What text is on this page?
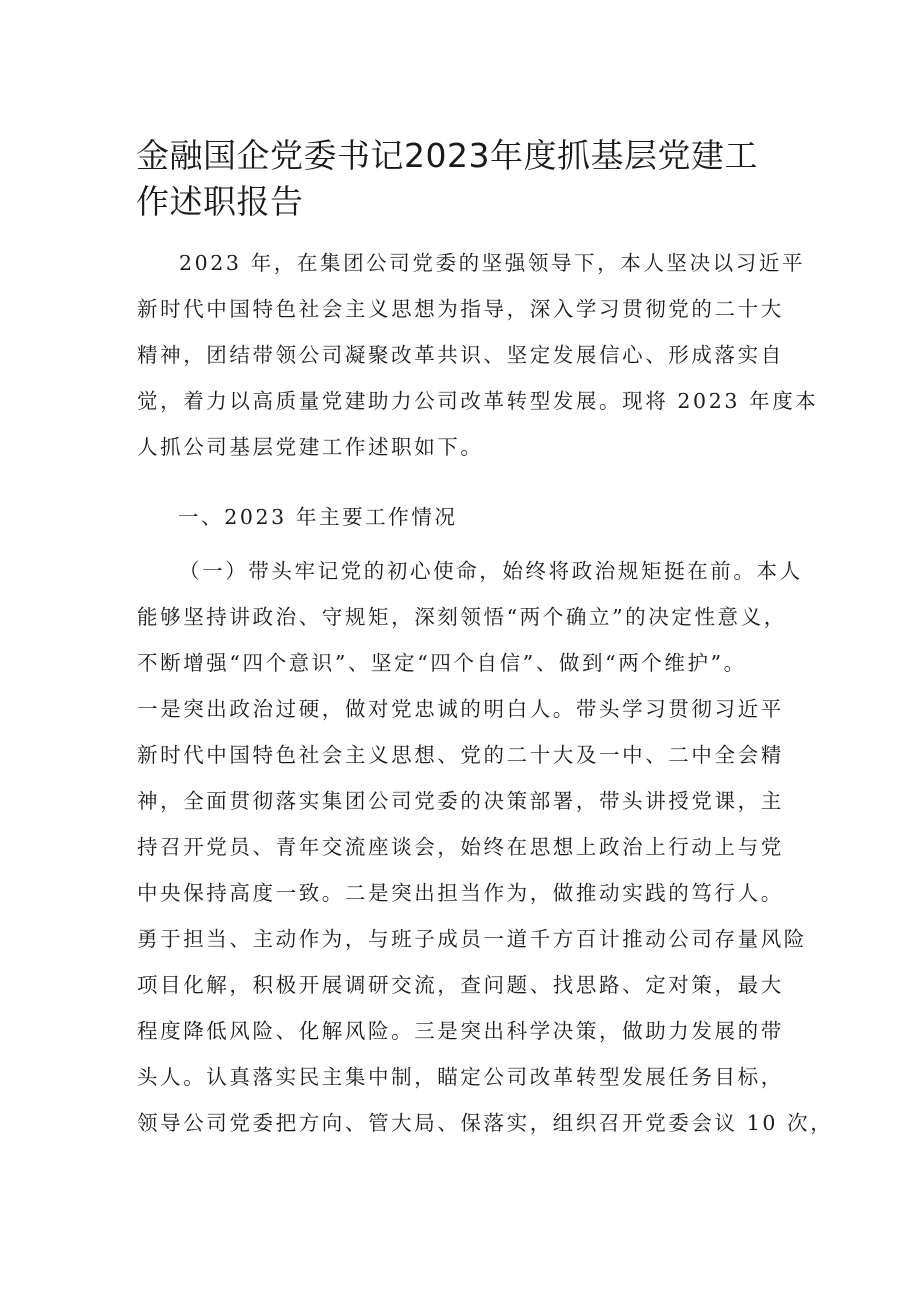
金融国企党委书记2023年度抓基层党建工
作述职报告
2023 年，在集团公司党委的坚强领导下，本人坚决以习近平
新时代中国特色社会主义思想为指导，深入学习贯彻党的二十大
精神，团结带领公司凝聚改革共识、坚定发展信心、形成落实自
觉，着力以高质量党建助力公司改革转型发展。现将 2023 年度本
人抓公司基层党建工作述职如下。
一、2023 年主要工作情况
（一）带头牢记党的初心使命，始终将政治规矩挺在前。本人
能够坚持讲政治、守规矩，深刻领悟“两个确立”的决定性意义，
不断增强“四个意识”、坚定“四个自信”、做到“两个维护”。
一是突出政治过硬，做对党忠诚的明白人。带头学习贯彻习近平
新时代中国特色社会主义思想、党的二十大及一中、二中全会精
神，全面贯彻落实集团公司党委的决策部署，带头讲授党课，主
持召开党员、青年交流座谈会，始终在思想上政治上行动上与党
中央保持高度一致。二是突出担当作为，做推动实践的笃行人。
勇于担当、主动作为，与班子成员一道千方百计推动公司存量风险
项目化解，积极开展调研交流，查问题、找思路、定对策，最大
程度降低风险、化解风险。三是突出科学决策，做助力发展的带
头人。认真落实民主集中制，瞄定公司改革转型发展任务目标，
领导公司党委把方向、管大局、保落实，组织召开党委会议 10 次，
